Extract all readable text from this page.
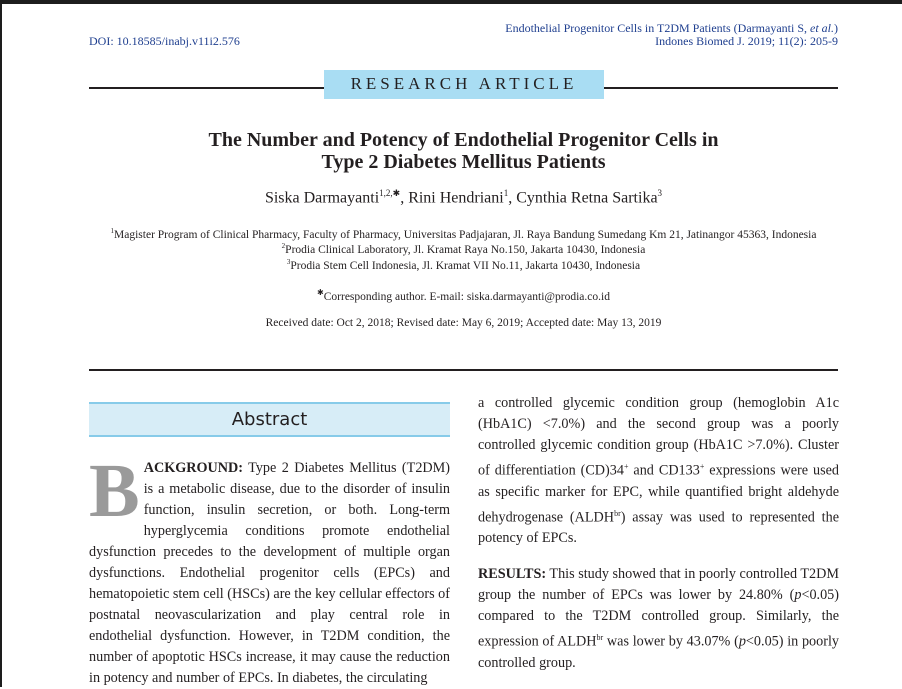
DOI: 10.18585/inabj.v11i2.576
Endothelial Progenitor Cells in T2DM Patients (Darmayanti S, et al.)
Indones Biomed J. 2019; 11(2): 205-9
RESEARCH ARTICLE
The Number and Potency of Endothelial Progenitor Cells in
Type 2 Diabetes Mellitus Patients
Siska Darmayanti$^{1,2,✱}$, Rini Hendriani$^1$, Cynthia Retna Sartika$^3$
$^1$Magister Program of Clinical Pharmacy, Faculty of Pharmacy, Universitas Padjajaran, Jl. Raya Bandung Sumedang Km 21, Jatinangor 45363, Indonesia
$^2$Prodia Clinical Laboratory, Jl. Kramat Raya No.150, Jakarta 10430, Indonesia
$^3$Prodia Stem Cell Indonesia, Jl. Kramat VII No.11, Jakarta 10430, Indonesia
✱Corresponding author. E-mail: siska.darmayanti@prodia.co.id
Received date: Oct 2, 2018; Revised date: May 6, 2019; Accepted date: May 13, 2019
Abstract
B ACKGROUND: Type 2 Diabetes Mellitus (T2DM) is a metabolic disease, due to the disorder of insulin function, insulin secretion, or both. Long-term hyperglycemia conditions promote endothelial dysfunction precedes to the development of multiple organ dysfunctions. Endothelial progenitor cells (EPCs) and hematopoietic stem cell (HSCs) are the key cellular effectors of postnatal neovascularization and play central role in endothelial dysfunction. However, in T2DM condition, the number of apoptotic HSCs increase, it may cause the reduction in potency and number of EPCs. In diabetes, the circulating

a controlled glycemic condition group (hemoglobin A1c (HbA1C) <7.0%) and the second group was a poorly controlled glycemic condition group (HbA1C >7.0%). Cluster of differentiation (CD)34+ and CD133+ expressions were used as specific marker for EPC, while quantified bright aldehyde dehydrogenase $(ALDH^{br})$ assay was used to represented the potency of EPCs.

RESULTS: This study showed that in poorly controlled T2DM group the number of EPCs was lower by 24.80% (p<0.05) compared to the T2DM controlled group. Similarly, the expression of $ALDH^{br}$ was lower by 43.07% (p<0.05) in poorly controlled group.
